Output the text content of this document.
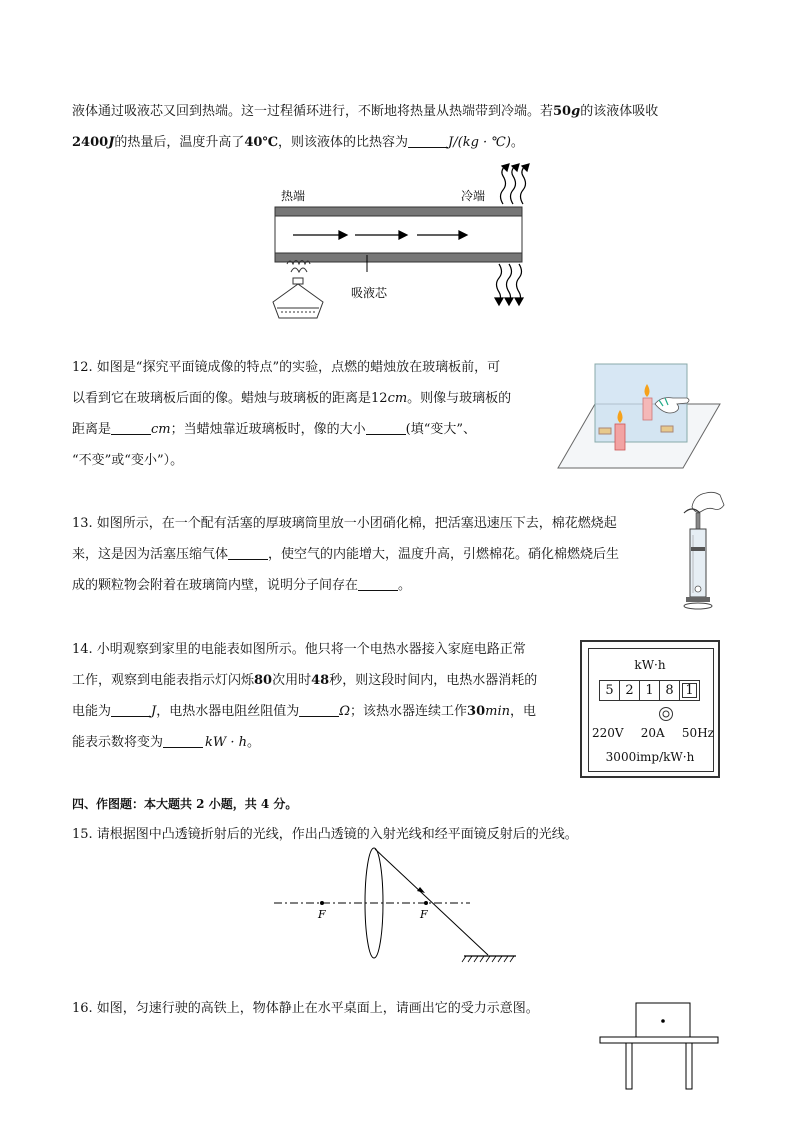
液体通过吸液芯又回到热端。这一过程循环进行，不断地将热量从热端带到冷端。若50g的该液体吸收
2400J的热量后，温度升高了40℃，则该液体的比热容为	J/(kg · ℃)。
热端	冷端
吸液芯
12. 如图是“探究平面镜成像的特点”的实验，点燃的蜡烛放在玻璃板前，可
以看到它在玻璃板后面的像。蜡烛与玻璃板的距离是12cm。则像与玻璃板的
距离是	cm；当蜡烛靠近玻璃板时，像的大小	(填“变大”、
“不变”或“变小”）。
13. 如图所示，在一个配有活塞的厚玻璃筒里放一小团硝化棉，把活塞迅速压下去，棉花燃烧起
来，这是因为活塞压缩气体	，使空气的内能增大，温度升高，引燃棉花。硝化棉燃烧后生
成的颗粒物会附着在玻璃筒内壁，说明分子间存在	。
14. 小明观察到家里的电能表如图所示。他只将一个电热水器接入家庭电路正常
工作，观察到电能表指示灯闪烁80次用时48秒，则这段时间内，电热水器消耗的
电能为	J，电热水器电阻丝阻值为	Ω；该热水器连续工作30min，电
能表示数将变为	kW · h。
kW·h
5 2 1 8 1
220V 20A 50Hz
3000imp/kW·h
四、作图题：本大题共 2 小题，共 4 分。
15. 请根据图中凸透镜折射后的光线，作出凸透镜的入射光线和经平面镜反射后的光线。
F	F
16. 如图，匀速行驶的高铁上，物体静止在水平桌面上，请画出它的受力示意图。
